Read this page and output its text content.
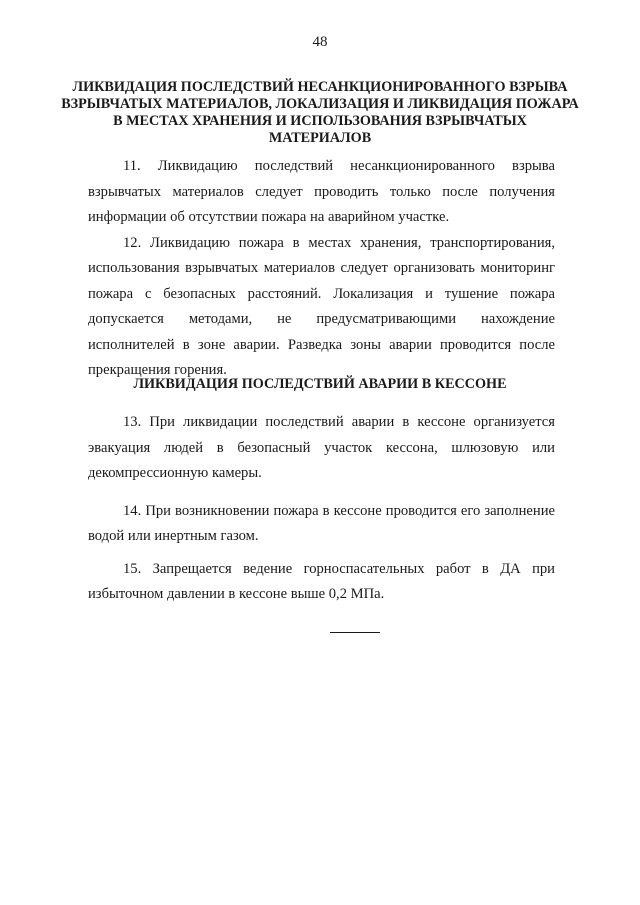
48
ЛИКВИДАЦИЯ ПОСЛЕДСТВИЙ НЕСАНКЦИОНИРОВАННОГО ВЗРЫВА
ВЗРЫВЧАТЫХ МАТЕРИАЛОВ, ЛОКАЛИЗАЦИЯ И ЛИКВИДАЦИЯ ПОЖАРА
В МЕСТАХ ХРАНЕНИЯ И ИСПОЛЬЗОВАНИЯ ВЗРЫВЧАТЫХ
МАТЕРИАЛОВ

11. Ликвидацию последствий несанкционированного взрыва взрывчатых материалов следует проводить только после получения информации об отсутствии пожара на аварийном участке.

12. Ликвидацию пожара в местах хранения, транспортирования, использования взрывчатых материалов следует организовать мониторинг пожара с безопасных расстояний. Локализация и тушение пожара допускается методами, не предусматривающими нахождение исполнителей в зоне аварии. Разведка зоны аварии проводится после прекращения горения.

ЛИКВИДАЦИЯ ПОСЛЕДСТВИЙ АВАРИИ В КЕССОНЕ

13. При ликвидации последствий аварии в кессоне организуется эвакуация людей в безопасный участок кессона, шлюзовую или декомпрессионную камеры.

14. При возникновении пожара в кессоне проводится его заполнение водой или инертным газом.

15. Запрещается ведение горноспасательных работ в ДА при избыточном давлении в кессоне выше 0,2 МПа.
